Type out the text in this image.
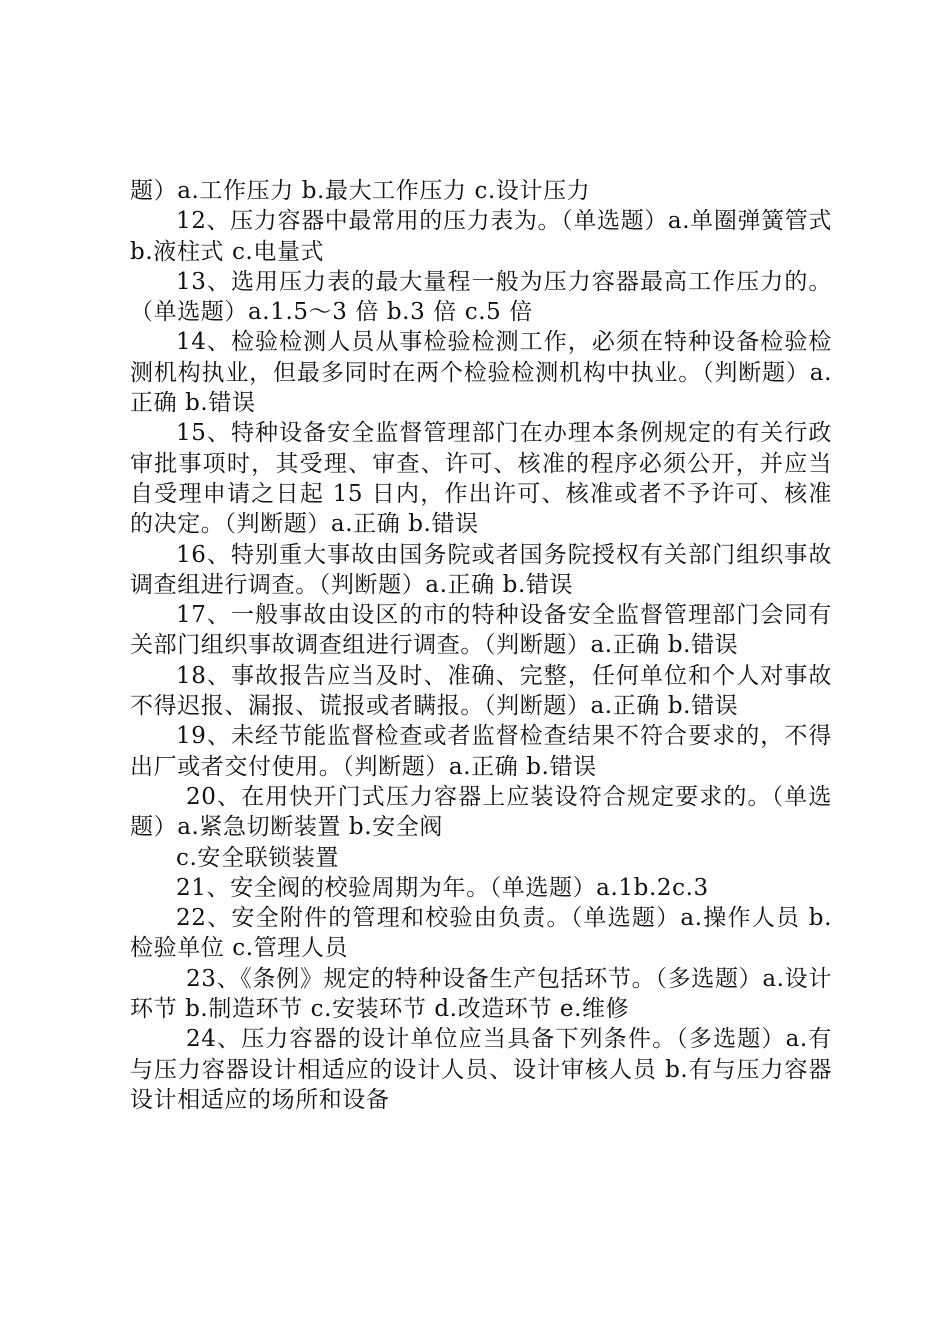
题）a.工作压力 b.最大工作压力 c.设计压力

12、压力容器中最常用的压力表为。（单选题）a.单圈弹簧管式 b.液柱式 c.电量式

13、选用压力表的最大量程一般为压力容器最高工作压力的。（单选题）a.1.5～3 倍 b.3 倍 c.5 倍

14、检验检测人员从事检验检测工作，必须在特种设备检验检测机构执业，但最多同时在两个检验检测机构中执业。（判断题）a.正确 b.错误

15、特种设备安全监督管理部门在办理本条例规定的有关行政审批事项时，其受理、审查、许可、核准的程序必须公开，并应当自受理申请之日起 15 日内，作出许可、核准或者不予许可、核准的决定。（判断题）a.正确 b.错误

16、特别重大事故由国务院或者国务院授权有关部门组织事故调查组进行调查。（判断题）a.正确 b.错误

17、一般事故由设区的市的特种设备安全监督管理部门会同有关部门组织事故调查组进行调查。（判断题）a.正确 b.错误

18、事故报告应当及时、准确、完整，任何单位和个人对事故不得迟报、漏报、谎报或者瞒报。（判断题）a.正确 b.错误

19、未经节能监督检查或者监督检查结果不符合要求的，不得出厂或者交付使用。（判断题）a.正确 b.错误

20、在用快开门式压力容器上应装设符合规定要求的。（单选题）a.紧急切断装置 b.安全阀

c.安全联锁装置

21、安全阀的校验周期为年。（单选题）a.1b.2c.3

22、安全附件的管理和校验由负责。（单选题）a.操作人员 b.检验单位 c.管理人员

23、《条例》规定的特种设备生产包括环节。（多选题）a.设计环节 b.制造环节 c.安装环节 d.改造环节 e.维修

24、压力容器的设计单位应当具备下列条件。（多选题）a.有与压力容器设计相适应的设计人员、设计审核人员 b.有与压力容器设计相适应的场所和设备
